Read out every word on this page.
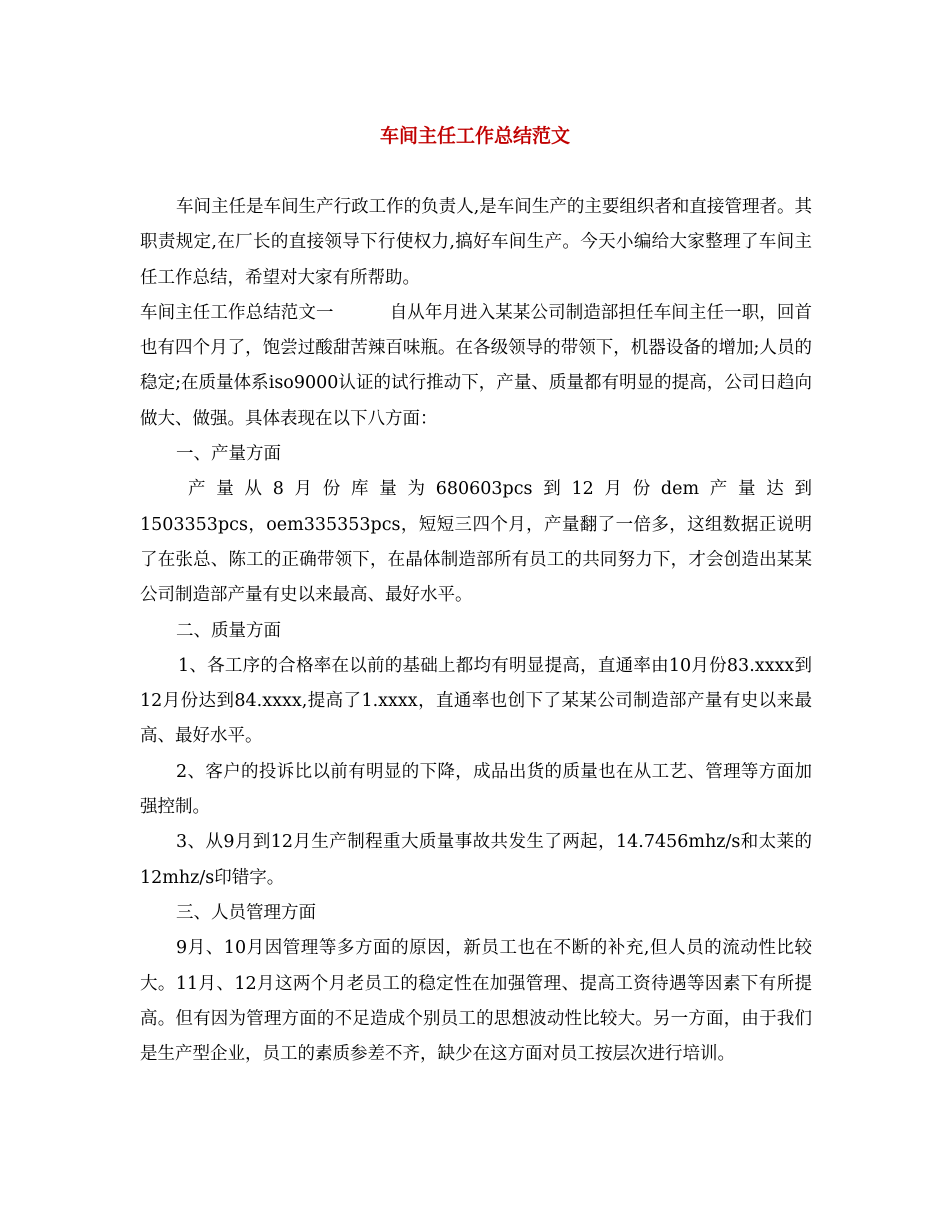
车间主任工作总结范文

车间主任是车间生产行政工作的负责人,是车间生产的主要组织者和直接管理者。其职责规定,在厂长的直接领导下行使权力,搞好车间生产。今天小编给大家整理了车间主任工作总结，希望对大家有所帮助。

车间主任工作总结范文一	自从年月进入某某公司制造部担任车间主任一职，回首也有四个月了，饱尝过酸甜苦辣百味瓶。在各级领导的带领下，机器设备的增加;人员的稳定;在质量体系iso9000认证的试行推动下，产量、质量都有明显的提高，公司日趋向做大、做强。具体表现在以下八方面：

一、产量方面

产量从8月份库量为680603pcs到12月份dem产量达到

1503353pcs，oem335353pcs，短短三四个月，产量翻了一倍多，这组数据正说明了在张总、陈工的正确带领下，在晶体制造部所有员工的共同努力下，才会创造出某某公司制造部产量有史以来最高、最好水平。

二、质量方面

1、各工序的合格率在以前的基础上都均有明显提高，直通率由10月份83.xxxx到12月份达到84.xxxx,提高了1.xxxx，直通率也创下了某某公司制造部产量有史以来最高、最好水平。

2、客户的投诉比以前有明显的下降，成品出货的质量也在从工艺、管理等方面加强控制。

3、从9月到12月生产制程重大质量事故共发生了两起，14.7456mhz/s和太莱的12mhz/s印错字。

三、人员管理方面

9月、10月因管理等多方面的原因，新员工也在不断的补充,但人员的流动性比较大。11月、12月这两个月老员工的稳定性在加强管理、提高工资待遇等因素下有所提高。但有因为管理方面的不足造成个别员工的思想波动性比较大。另一方面，由于我们是生产型企业，员工的素质参差不齐，缺少在这方面对员工按层次进行培训。
